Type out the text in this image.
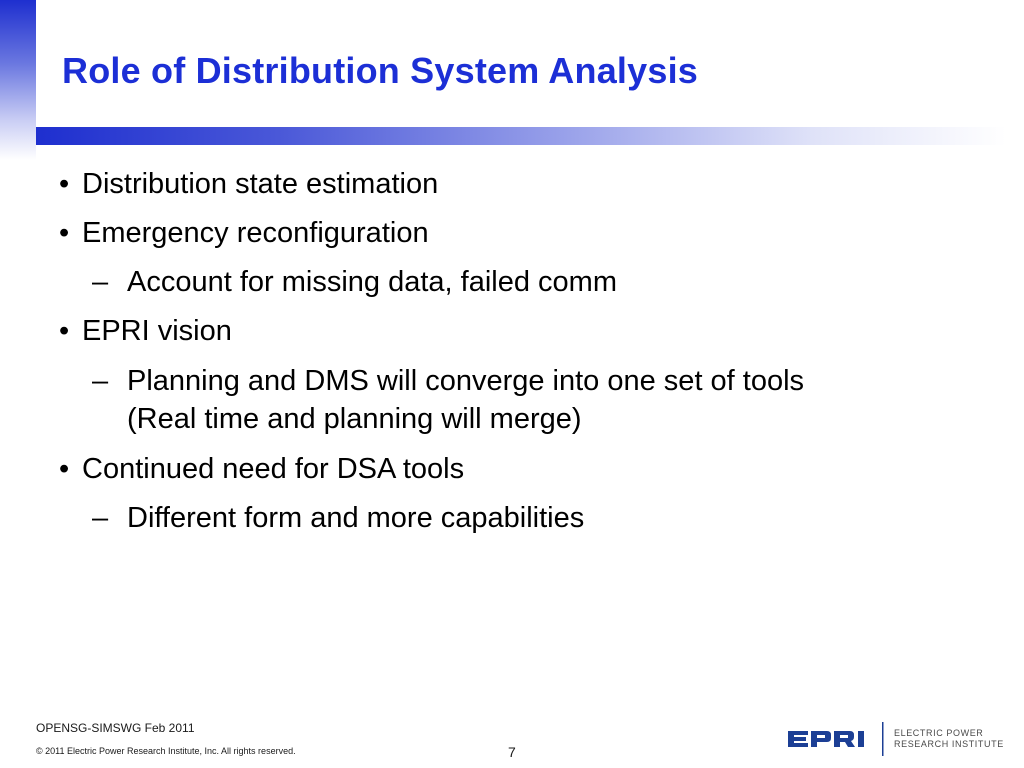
Role of Distribution System Analysis
• Distribution state estimation
• Emergency reconfiguration
– Account for missing data, failed comm
• EPRI vision
– Planning and DMS will converge into one set of tools
(Real time and planning will merge)
• Continued need for DSA tools
– Different form and more capabilities
OPENSG-SIMSWG Feb 2011
© 2011 Electric Power Research Institute, Inc. All rights reserved.	7
ELECTRIC POWER
RESEARCH INSTITUTE
